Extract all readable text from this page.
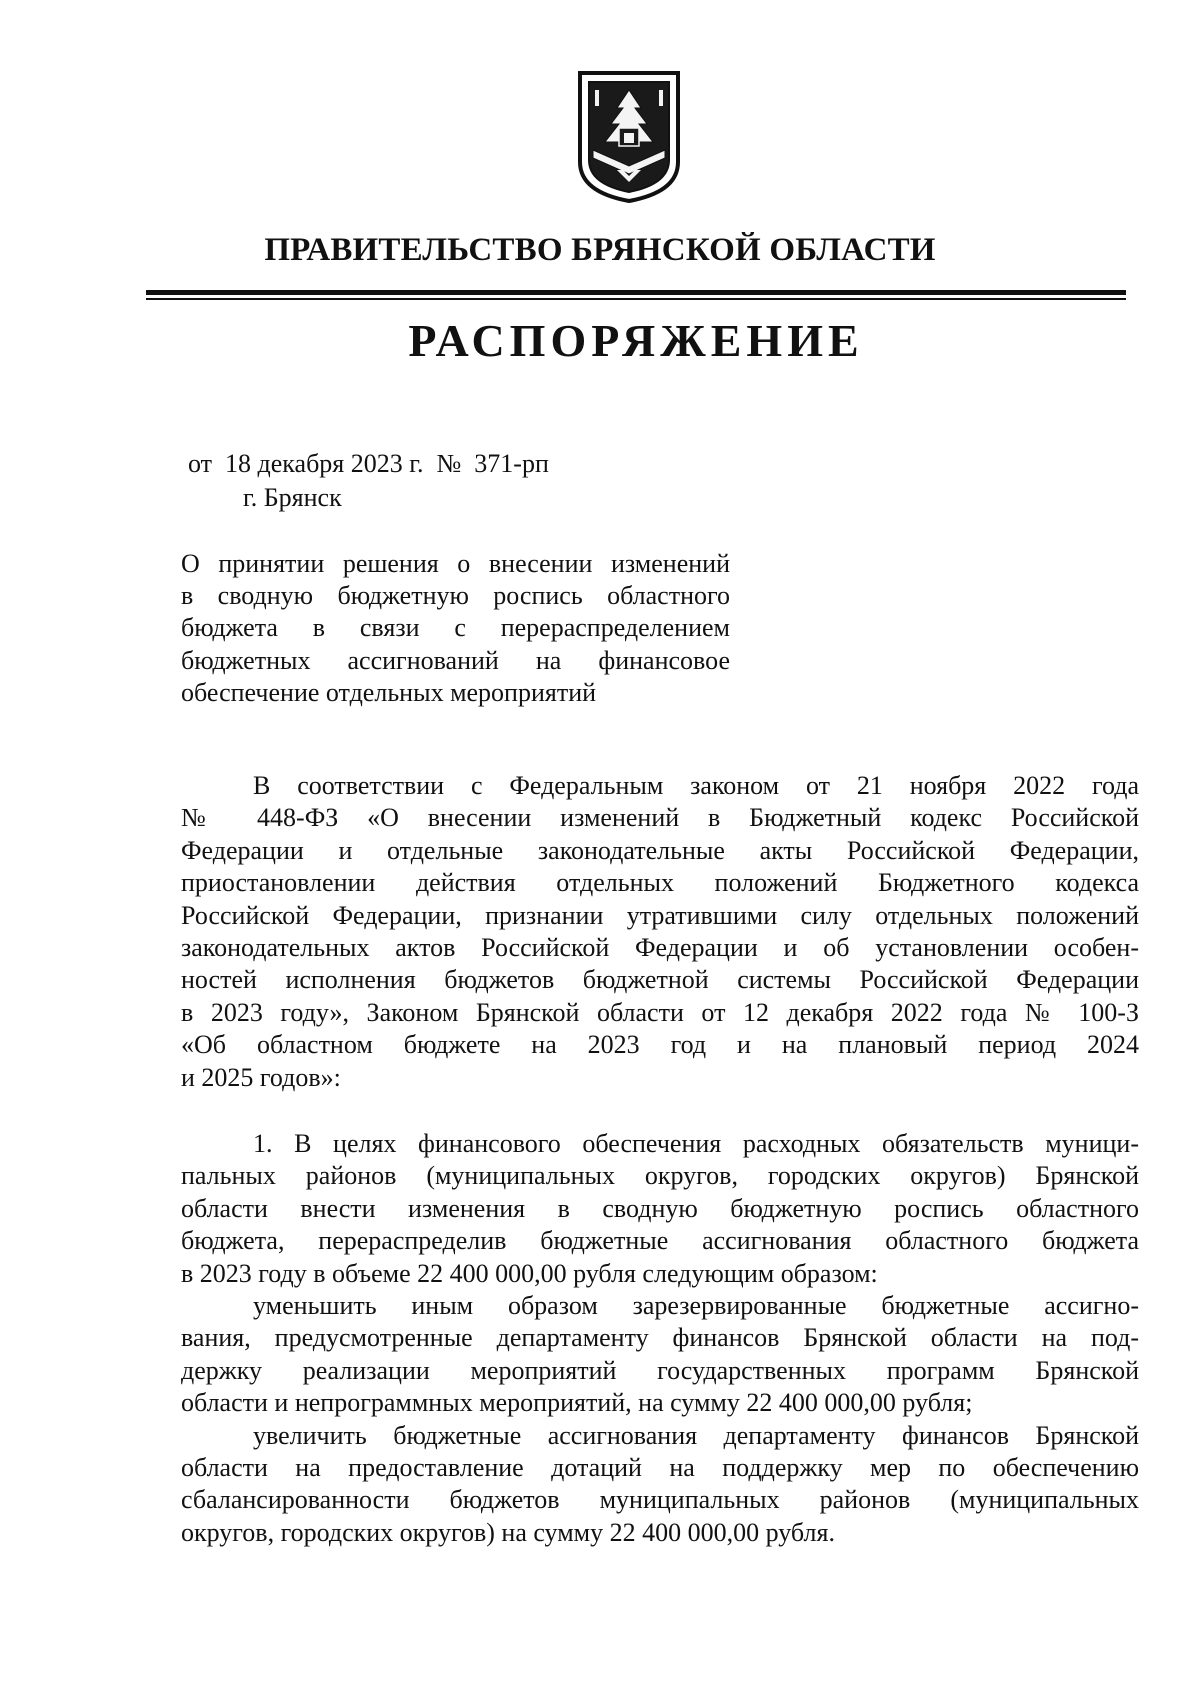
ПРАВИТЕЛЬСТВО БРЯНСКОЙ ОБЛАСТИ
РАСПОРЯЖЕНИЕ
от  18 декабря 2023 г.  №  371-рп
г. Брянск
О принятии решения о внесении изменений
в сводную бюджетную роспись областного
бюджета в связи с перераспределением
бюджетных ассигнований на финансовое
обеспечение отдельных мероприятий
В соответствии с Федеральным законом от 21 ноября 2022 года
№ 448-ФЗ «О внесении изменений в Бюджетный кодекс Российской
Федерации и отдельные законодательные акты Российской Федерации,
приостановлении действия отдельных положений Бюджетного кодекса
Российской Федерации, признании утратившими силу отдельных положений
законодательных актов Российской Федерации и об установлении особен-
ностей исполнения бюджетов бюджетной системы Российской Федерации
в 2023 году», Законом Брянской области от 12 декабря 2022 года № 100-З
«Об областном бюджете на 2023 год и на плановый период 2024
и 2025 годов»:
1. В целях финансового обеспечения расходных обязательств муници-
пальных районов (муниципальных округов, городских округов) Брянской
области внести изменения в сводную бюджетную роспись областного
бюджета, перераспределив бюджетные ассигнования областного бюджета
в 2023 году в объеме 22 400 000,00 рубля следующим образом:
уменьшить иным образом зарезервированные бюджетные ассигно-
вания, предусмотренные департаменту финансов Брянской области на под-
держку реализации мероприятий государственных программ Брянской
области и непрограммных мероприятий, на сумму 22 400 000,00 рубля;
увеличить бюджетные ассигнования департаменту финансов Брянской
области на предоставление дотаций на поддержку мер по обеспечению
сбалансированности бюджетов муниципальных районов (муниципальных
округов, городских округов) на сумму 22 400 000,00 рубля.
